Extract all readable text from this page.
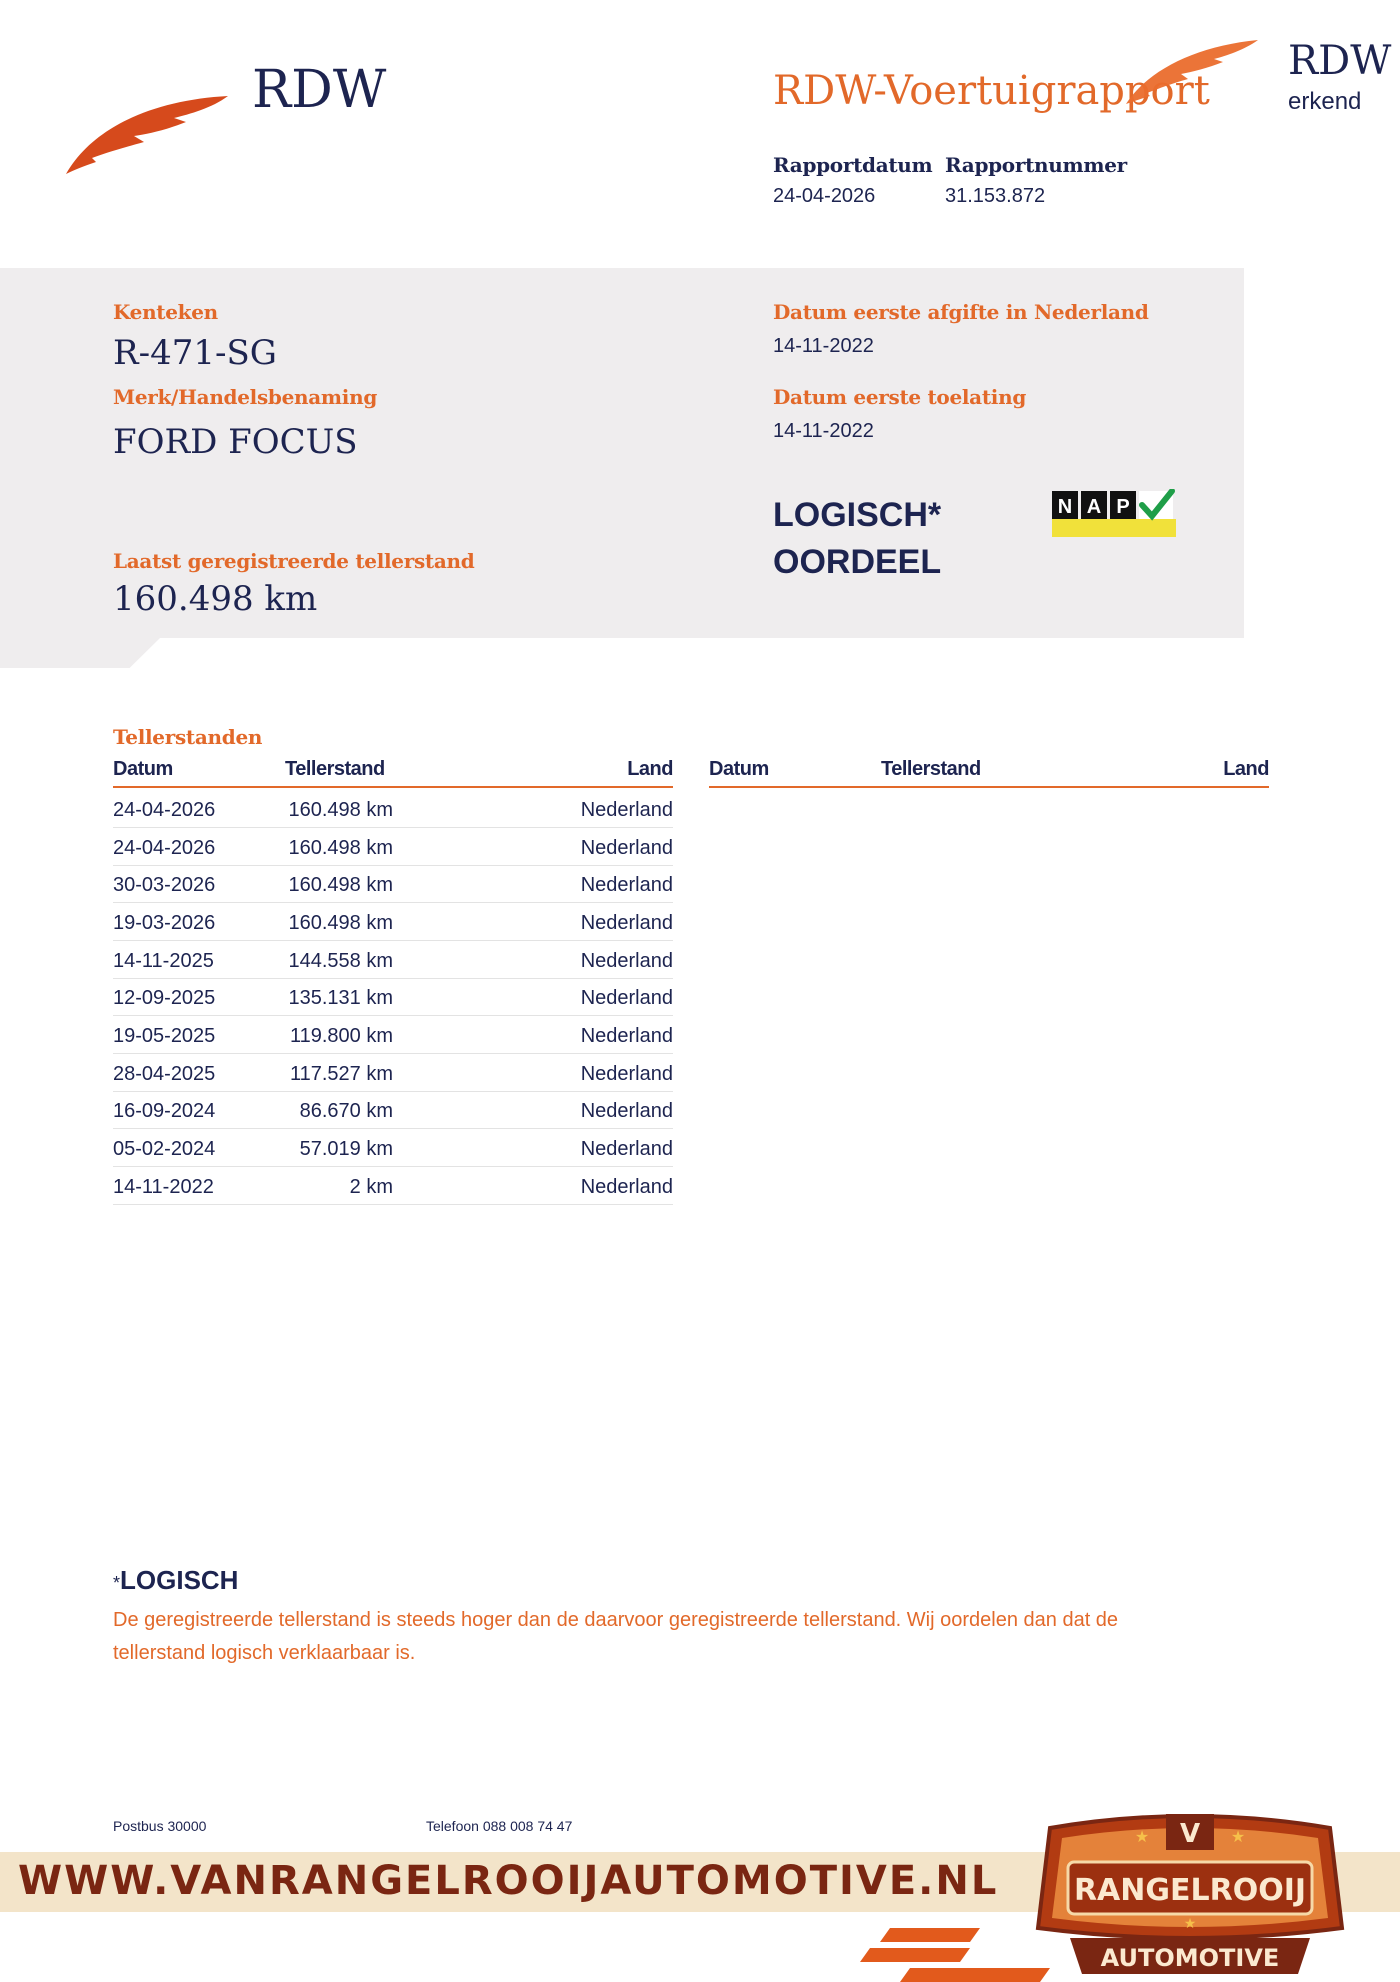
RDW	RDW-Voertuigrapport
RDW
erkend
Rapportdatum
24-04-2026
Rapportnummer
31.153.872
Kenteken
R-471-SG
Merk/Handelsbenaming
FORD FOCUS
Laatst geregistreerde tellerstand
160.498 km
Datum eerste afgifte in Nederland
14-11-2022
Datum eerste toelating
14-11-2022
LOGISCH*
OORDEEL
N A P
Tellerstanden
Datum	Tellerstand	Land Datum	Tellerstand	Land
24-04-2026	160.498 km	Nederland
24-04-2026	160.498 km	Nederland
30-03-2026	160.498 km	Nederland
19-03-2026	160.498 km	Nederland
14-11-2025	144.558 km	Nederland
12-09-2025	135.131 km	Nederland
19-05-2025	119.800 km	Nederland
28-04-2025	117.527 km	Nederland
16-09-2024	86.670 km	Nederland
05-02-2024	57.019 km	Nederland
14-11-2022	2 km	Nederland
*LOGISCH
De geregistreerde tellerstand is steeds hoger dan de daarvoor geregistreerde tellerstand. Wij oordelen dan dat de tellerstand logisch verklaarbaar is.
Postbus 30000	Telefoon 088 008 74 47
WWW.VANRANGELROOIJAUTOMOTIVE.NL	RANGELROOIJ
V
★	★
★
AUTOMOTIVE
